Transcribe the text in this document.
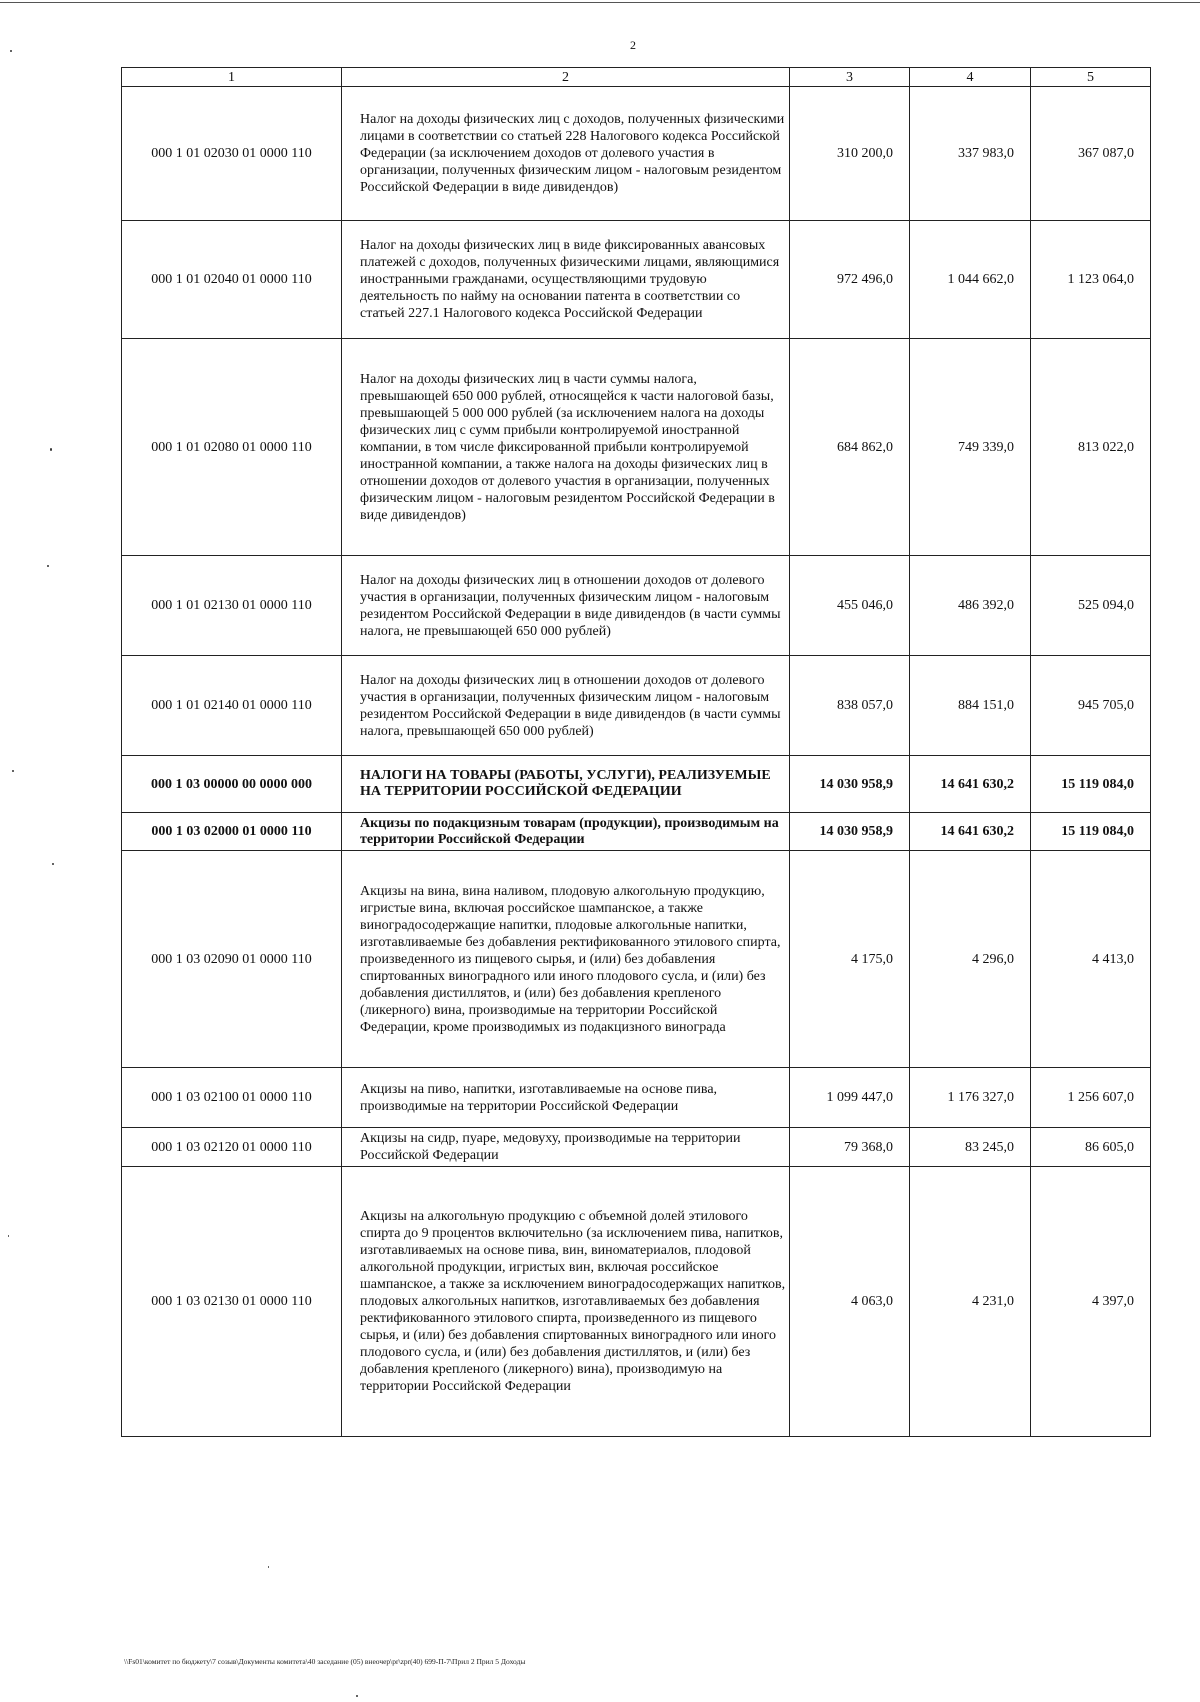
2
1	2	3	4	5
000 1 01 02030 01 0000 110	Налог на доходы физических лиц с доходов, полученных физическими лицами в соответствии со статьей 228 Налогового кодекса Российской Федерации (за исключением доходов от долевого участия в организации, полученных физическим лицом - налоговым резидентом Российской Федерации в виде дивидендов)	310 200,0	337 983,0	367 087,0
000 1 01 02040 01 0000 110	Налог на доходы физических лиц в виде фиксированных авансовых платежей с доходов, полученных физическими лицами, являющимися иностранными гражданами, осуществляющими трудовую деятельность по найму на основании патента в соответствии со статьей 227.1 Налогового кодекса Российской Федерации	972 496,0	1 044 662,0	1 123 064,0
000 1 01 02080 01 0000 110	Налог на доходы физических лиц в части суммы налога, превышающей 650 000 рублей, относящейся к части налоговой базы, превышающей 5 000 000 рублей (за исключением налога на доходы физических лиц с сумм прибыли контролируемой иностранной компании, в том числе фиксированной прибыли контролируемой иностранной компании, а также налога на доходы физических лиц в отношении доходов от долевого участия в организации, полученных физическим лицом - налоговым резидентом Российской Федерации в виде дивидендов)	684 862,0	749 339,0	813 022,0
000 1 01 02130 01 0000 110	Налог на доходы физических лиц в отношении доходов от долевого участия в организации, полученных физическим лицом - налоговым резидентом Российской Федерации в виде дивидендов (в части суммы налога, не превышающей 650 000 рублей)	455 046,0	486 392,0	525 094,0
000 1 01 02140 01 0000 110	Налог на доходы физических лиц в отношении доходов от долевого участия в организации, полученных физическим лицом - налоговым резидентом Российской Федерации в виде дивидендов (в части суммы налога, превышающей 650 000 рублей)	838 057,0	884 151,0	945 705,0
000 1 03 00000 00 0000 000	НАЛОГИ НА ТОВАРЫ (РАБОТЫ, УСЛУГИ), РЕАЛИЗУЕМЫЕ НА ТЕРРИТОРИИ РОССИЙСКОЙ ФЕДЕРАЦИИ	14 030 958,9	14 641 630,2	15 119 084,0
000 1 03 02000 01 0000 110	Акцизы по подакцизным товарам (продукции), производимым на территории Российской Федерации	14 030 958,9	14 641 630,2	15 119 084,0
000 1 03 02090 01 0000 110	Акцизы на вина, вина наливом, плодовую алкогольную продукцию, игристые вина, включая российское шампанское, а также виноградосодержащие напитки, плодовые алкогольные напитки, изготавливаемые без добавления ректификованного этилового спирта, произведенного из пищевого сырья, и (или) без добавления спиртованных виноградного или иного плодового сусла, и (или) без добавления дистиллятов, и (или) без добавления крепленого (ликерного) вина, производимые на территории Российской Федерации, кроме производимых из подакцизного винограда	4 175,0	4 296,0	4 413,0
000 1 03 02100 01 0000 110	Акцизы на пиво, напитки, изготавливаемые на основе пива, производимые на территории Российской Федерации	1 099 447,0	1 176 327,0	1 256 607,0
000 1 03 02120 01 0000 110	Акцизы на сидр, пуаре, медовуху, производимые на территории Российской Федерации	79 368,0	83 245,0	86 605,0
000 1 03 02130 01 0000 110	Акцизы на алкогольную продукцию с объемной долей этилового спирта до 9 процентов включительно (за исключением пива, напитков, изготавливаемых на основе пива, вин, виноматериалов, плодовой алкогольной продукции, игристых вин, включая российское шампанское, а также за исключением виноградосодержащих напитков, плодовых алкогольных напитков, изготавливаемых без добавления ректификованного этилового спирта, произведенного из пищевого сырья, и (или) без добавления спиртованных виноградного или иного плодового сусла, и (или) без добавления дистиллятов, и (или) без добавления крепленого (ликерного) вина), производимую на территории Российской Федерации	4 063,0	4 231,0	4 397,0
\\Fs01\комитет по бюджету\7 созыв\Документы комитета\40 заседание (05) внеочер\pr\zpr(40) 699-П-7\Прил 2 Прил 5 Доходы
